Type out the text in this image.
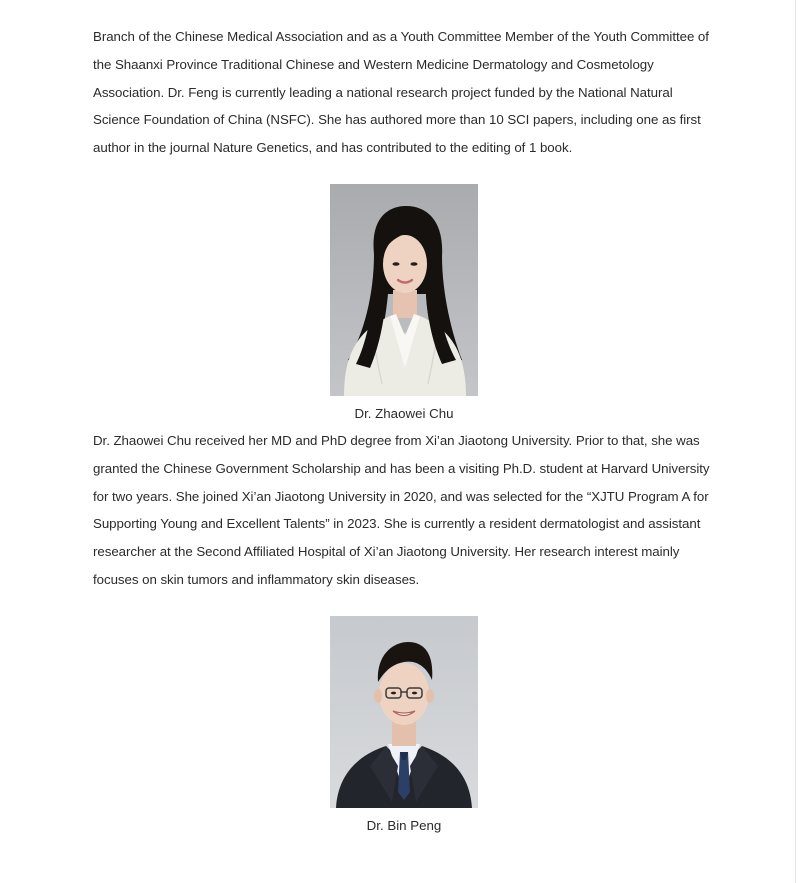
Branch of the Chinese Medical Association and as a Youth Committee Member of the Youth Committee of the Shaanxi Province Traditional Chinese and Western Medicine Dermatology and Cosmetology Association. Dr. Feng is currently leading a national research project funded by the National Natural Science Foundation of China (NSFC). She has authored more than 10 SCI papers, including one as first author in the journal Nature Genetics, and has contributed to the editing of 1 book.

Dr. Zhaowei Chu

Dr. Zhaowei Chu received her MD and PhD degree from Xi’an Jiaotong University. Prior to that, she was granted the Chinese Government Scholarship and has been a visiting Ph.D. student at Harvard University for two years. She joined Xi’an Jiaotong University in 2020, and was selected for the “XJTU Program A for Supporting Young and Excellent Talents” in 2023. She is currently a resident dermatologist and assistant researcher at the Second Affiliated Hospital of Xi’an Jiaotong University. Her research interest mainly focuses on skin tumors and inflammatory skin diseases.

Dr. Bin Peng
